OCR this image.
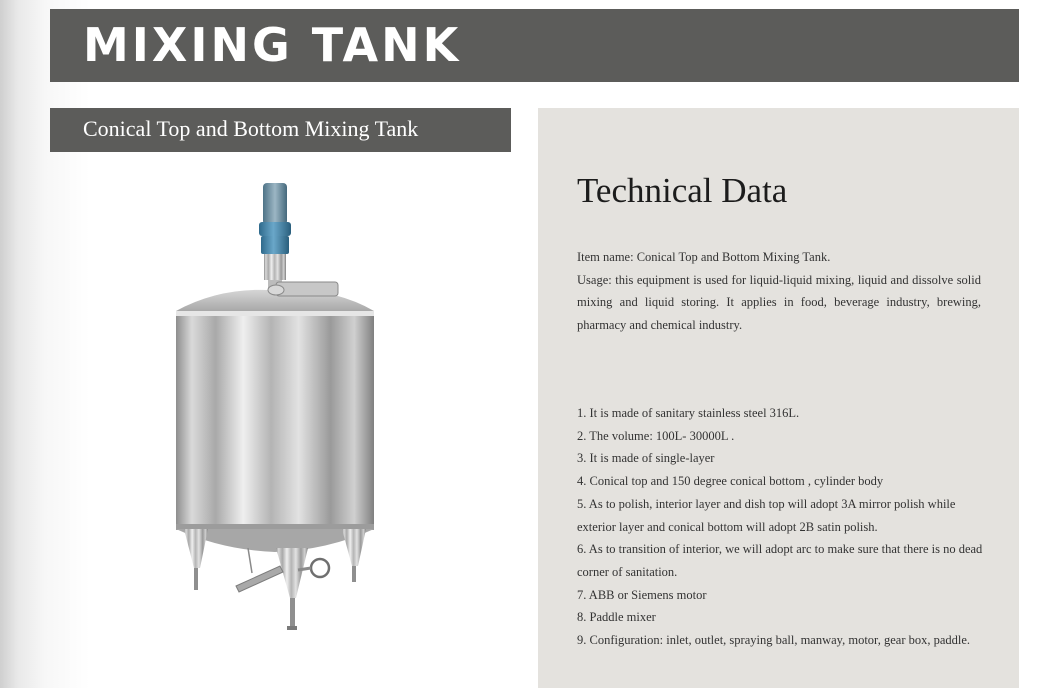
MIXING TANK
Conical Top and Bottom Mixing Tank
Technical Data

Item name: Conical Top and Bottom Mixing Tank.

Usage: this equipment is used for liquid-liquid mixing, liquid and dissolve solid mixing and liquid storing. It applies in food, beverage industry, brewing, pharmacy and chemical industry.

1. It is made of sanitary stainless steel 316L.
2. The volume: 100L- 30000L .
3. It is made of single-layer
4. Conical top and 150 degree conical bottom , cylinder body
5. As to polish, interior layer and dish top will adopt 3A mirror polish while exterior layer and conical bottom will adopt 2B satin polish.
6. As to transition of interior, we will adopt arc to make sure that there is no dead corner of sanitation.
7. ABB or Siemens motor
8. Paddle mixer
9. Configuration: inlet, outlet, spraying ball, manway, motor, gear box, paddle.
